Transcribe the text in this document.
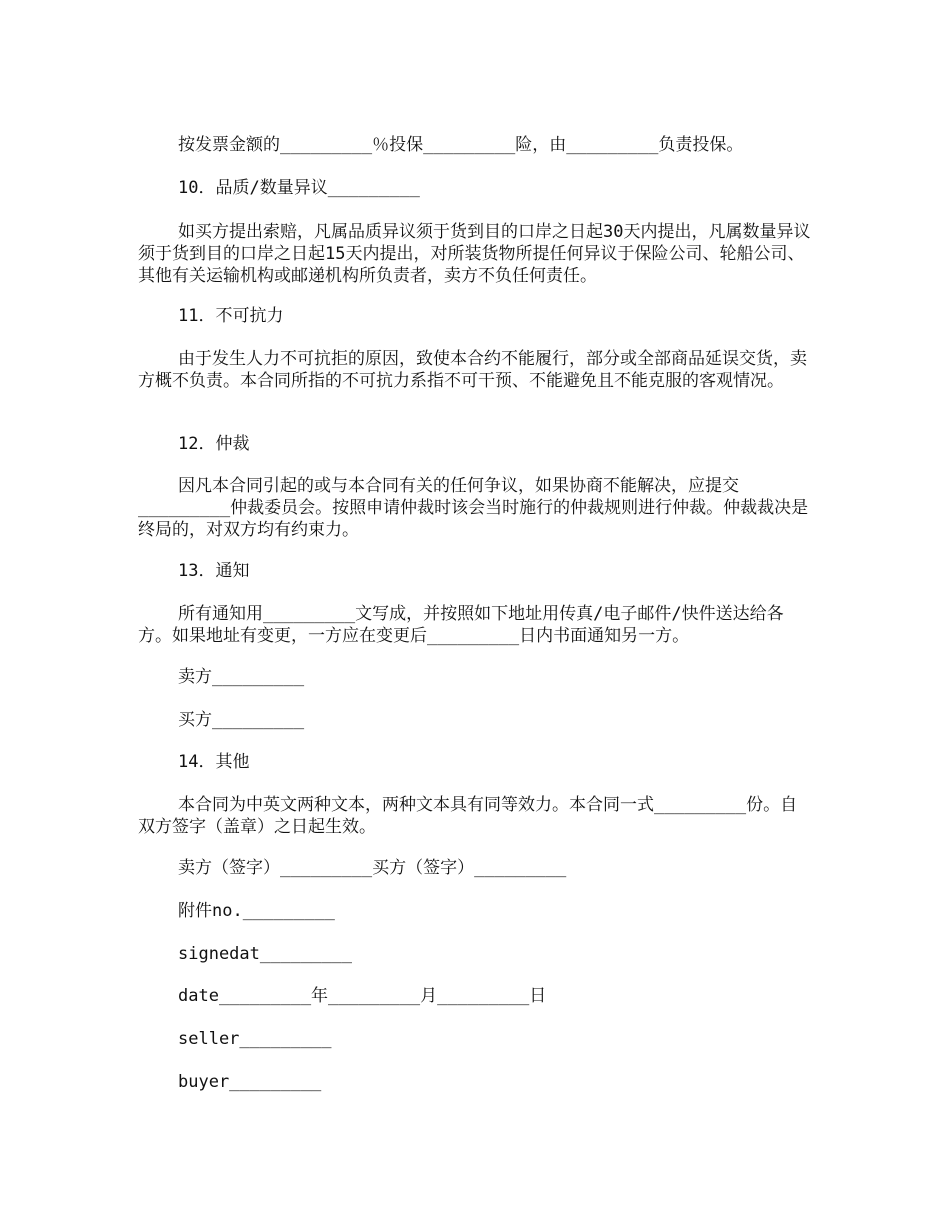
按发票金额的_________％投保_________险，由_________负责投保。

10．品质/数量异议_________

如买方提出索赔，凡属品质异议须于货到目的口岸之日起30天内提出，凡属数量异议须于货到目的口岸之日起15天内提出，对所装货物所提任何异议于保险公司、轮船公司、其他有关运输机构或邮递机构所负责者，卖方不负任何责任。

11．不可抗力

由于发生人力不可抗拒的原因，致使本合约不能履行，部分或全部商品延误交货，卖方概不负责。本合同所指的不可抗力系指不可干预、不能避免且不能克服的客观情况。

12．仲裁

因凡本合同引起的或与本合同有关的任何争议，如果协商不能解决，应提交_________仲裁委员会。按照申请仲裁时该会当时施行的仲裁规则进行仲裁。仲裁裁决是终局的，对双方均有约束力。

13．通知

所有通知用_________文写成，并按照如下地址用传真/电子邮件/快件送达给各方。如果地址有变更，一方应在变更后_________日内书面通知另一方。

卖方_________

买方_________

14．其他

本合同为中英文两种文本，两种文本具有同等效力。本合同一式_________份。自双方签字（盖章）之日起生效。

卖方（签字）_________买方（签字）_________

附件no._________

signedat_________

date_________年_________月_________日

seller_________

buyer_________
